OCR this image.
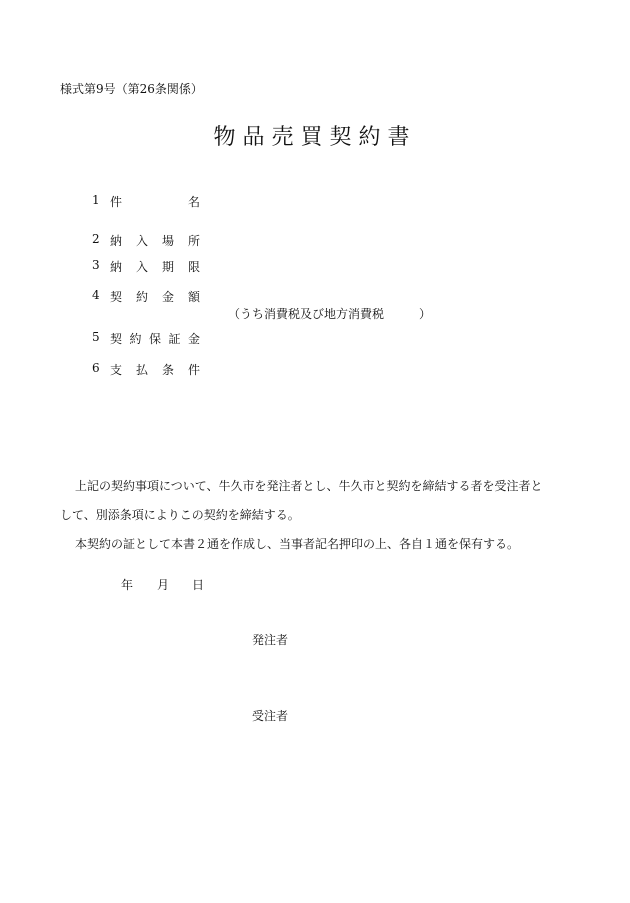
様式第9号（第26条関係）
物品売買契約書
1 件	名
2 納 入 場 所
3 納 入 期 限
4 契 約 金 額
（うち消費税及び地方消費税	）
5 契 約 保 証 金
6 支 払 条 件
上記の契約事項について、牛久市を発注者とし、牛久市と契約を締結する者を受注者と
して、別添条項によりこの契約を締結する。
本契約の証として本書２通を作成し、当事者記名押印の上、各自１通を保有する。
年 月 日
発注者
受注者
